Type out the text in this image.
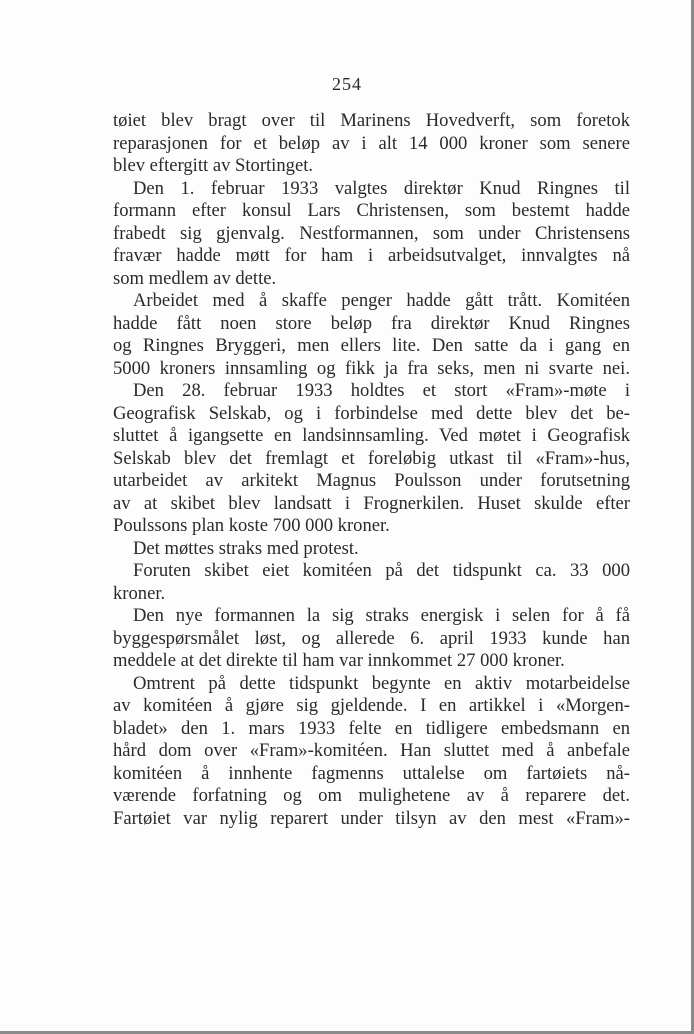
254
tøiet blev bragt over til Marinens Hovedverft, som foretok
reparasjonen for et beløp av i alt 14 000 kroner som senere
blev eftergitt av Stortinget.
Den 1. februar 1933 valgtes direktør Knud Ringnes til
formann efter konsul Lars Christensen, som bestemt hadde
frabedt sig gjenvalg. Nestformannen, som under Christensens
fravær hadde møtt for ham i arbeidsutvalget, innvalgtes nå
som medlem av dette.
Arbeidet med å skaffe penger hadde gått trått. Komitéen
hadde fått noen store beløp fra direktør Knud Ringnes
og Ringnes Bryggeri, men ellers lite. Den satte da i gang en
5000 kroners innsamling og fikk ja fra seks, men ni svarte nei.
Den 28. februar 1933 holdtes et stort «Fram»-møte i
Geografisk Selskab, og i forbindelse med dette blev det be-
sluttet å igangsette en landsinnsamling. Ved møtet i Geografisk
Selskab blev det fremlagt et foreløbig utkast til «Fram»-hus,
utarbeidet av arkitekt Magnus Poulsson under forutsetning
av at skibet blev landsatt i Frognerkilen. Huset skulde efter
Poulssons plan koste 700 000 kroner.
Det møttes straks med protest.
Foruten skibet eiet komitéen på det tidspunkt ca. 33 000
kroner.
Den nye formannen la sig straks energisk i selen for å få
byggespørsmålet løst, og allerede 6. april 1933 kunde han
meddele at det direkte til ham var innkommet 27 000 kroner.
Omtrent på dette tidspunkt begynte en aktiv motarbeidelse
av komitéen å gjøre sig gjeldende. I en artikkel i «Morgen-
bladet» den 1. mars 1933 felte en tidligere embedsmann en
hård dom over «Fram»-komitéen. Han sluttet med å anbefale
komitéen å innhente fagmenns uttalelse om fartøiets nå-
værende forfatning og om mulighetene av å reparere det.
Fartøiet var nylig reparert under tilsyn av den mest «Fram»-
